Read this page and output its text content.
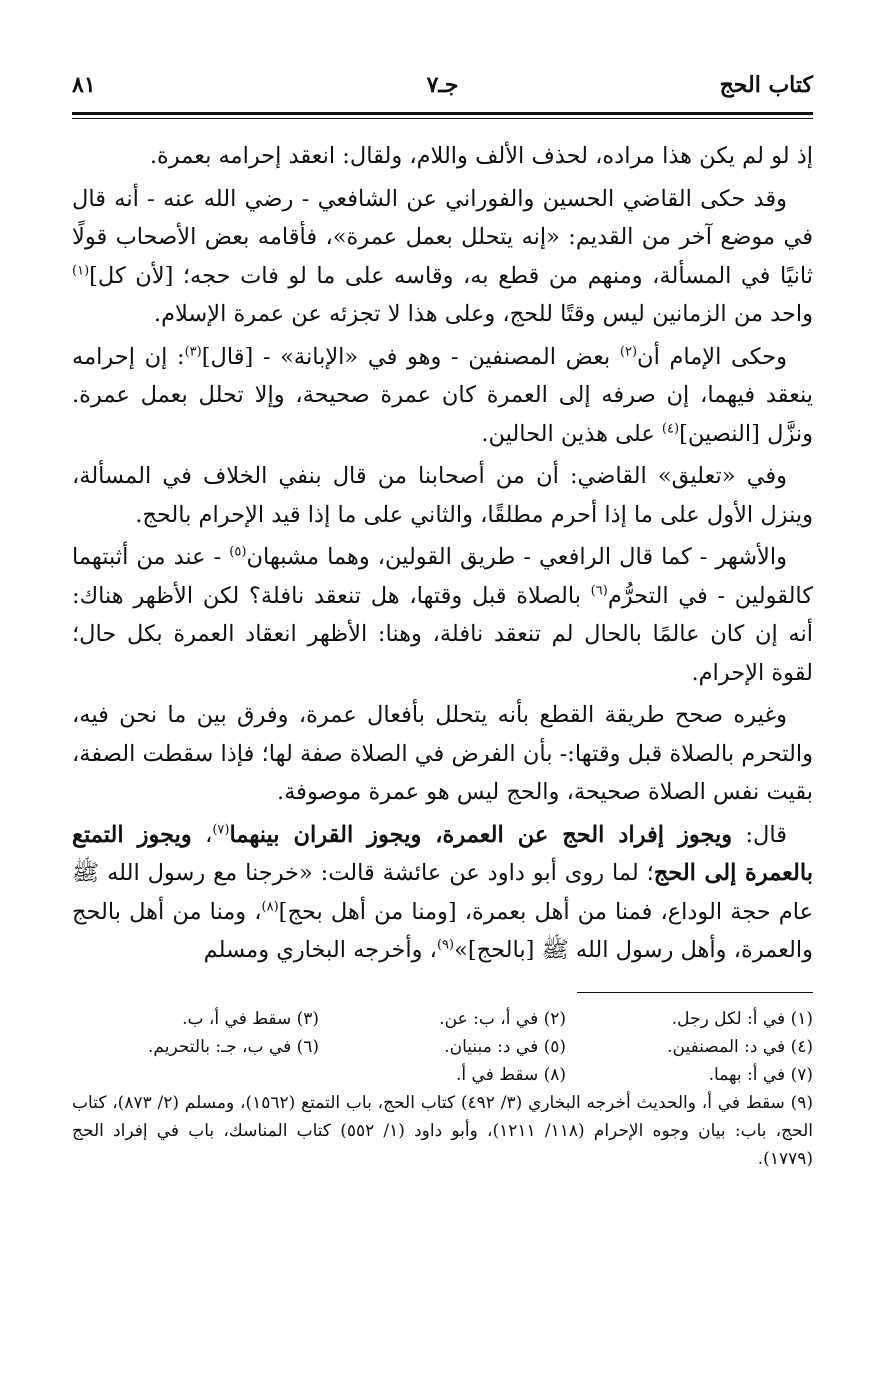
كتاب الحج
جـ٧
٨١

إذ لو لم يكن هذا مراده، لحذف الألف واللام، ولقال: انعقد إحرامه بعمرة.

وقد حكى القاضي الحسين والفوراني عن الشافعي - رضي الله عنه - أنه قال في موضع آخر من القديم: «إنه يتحلل بعمل عمرة»، فأقامه بعض الأصحاب قولًا ثانيًا في المسألة، ومنهم من قطع به، وقاسه على ما لو فات حجه؛ [لأن كل]$^{(١)}$ واحد من الزمانين ليس وقتًا للحج، وعلى هذا لا تجزئه عن عمرة الإسلام.

وحكى الإمام أن$^{(٢)}$ بعض المصنفين - وهو في «الإبانة» - [قال]$^{(٣)}$: إن إحرامه ينعقد فيهما، إن صرفه إلى العمرة كان عمرة صحيحة، وإلا تحلل بعمل عمرة. ونزَّل [النصين]$^{(٤)}$ على هذين الحالين.

وفي «تعليق» القاضي: أن من أصحابنا من قال بنفي الخلاف في المسألة، وينزل الأول على ما إذا أحرم مطلقًا، والثاني على ما إذا قيد الإحرام بالحج.

والأشهر - كما قال الرافعي - طريق القولين، وهما مشبهان$^{(٥)}$ - عند من أثبتهما كالقولين - في التحرُّم$^{(٦)}$ بالصلاة قبل وقتها، هل تنعقد نافلة؟ لكن الأظهر هناك: أنه إن كان عالمًا بالحال لم تنعقد نافلة، وهنا: الأظهر انعقاد العمرة بكل حال؛ لقوة الإحرام.

وغيره صحح طريقة القطع بأنه يتحلل بأفعال عمرة، وفرق بين ما نحن فيه، والتحرم بالصلاة قبل وقتها:- بأن الفرض في الصلاة صفة لها؛ فإذا سقطت الصفة، بقيت نفس الصلاة صحيحة، والحج ليس هو عمرة موصوفة.

قال: ويجوز إفراد الحج عن العمرة، ويجوز القران بينهما$^{(٧)}$، ويجوز التمتع بالعمرة إلى الحج؛ لما روى أبو داود عن عائشة قالت: «خرجنا مع رسول الله ﷺ عام حجة الوداع، فمنا من أهل بعمرة، [ومنا من أهل بحج]$^{(٨)}$، ومنا من أهل بالحج والعمرة، وأهل رسول الله ﷺ [بالحج]»$^{(٩)}$، وأخرجه البخاري ومسلم

(١) في أ: لكل رجل.
(٢) في أ، ب: عن.
(٣) سقط في أ، ب.
(٤) في د: المصنفين.
(٥) في د: مبنيان.
(٦) في ب، جـ: بالتحريم.
(٧) في أ: بهما.
(٨) سقط في أ.
(٩) سقط في أ، والحديث أخرجه البخاري (٣/ ٤٩٢) كتاب الحج، باب التمتع (١٥٦٢)، ومسلم (٢/ ٨٧٣)، كتاب الحج، باب: بيان وجوه الإحرام (١١٨/ ١٢١١)، وأبو داود (١/ ٥٥٢) كتاب المناسك، باب في إفراد الحج (١٧٧٩).
